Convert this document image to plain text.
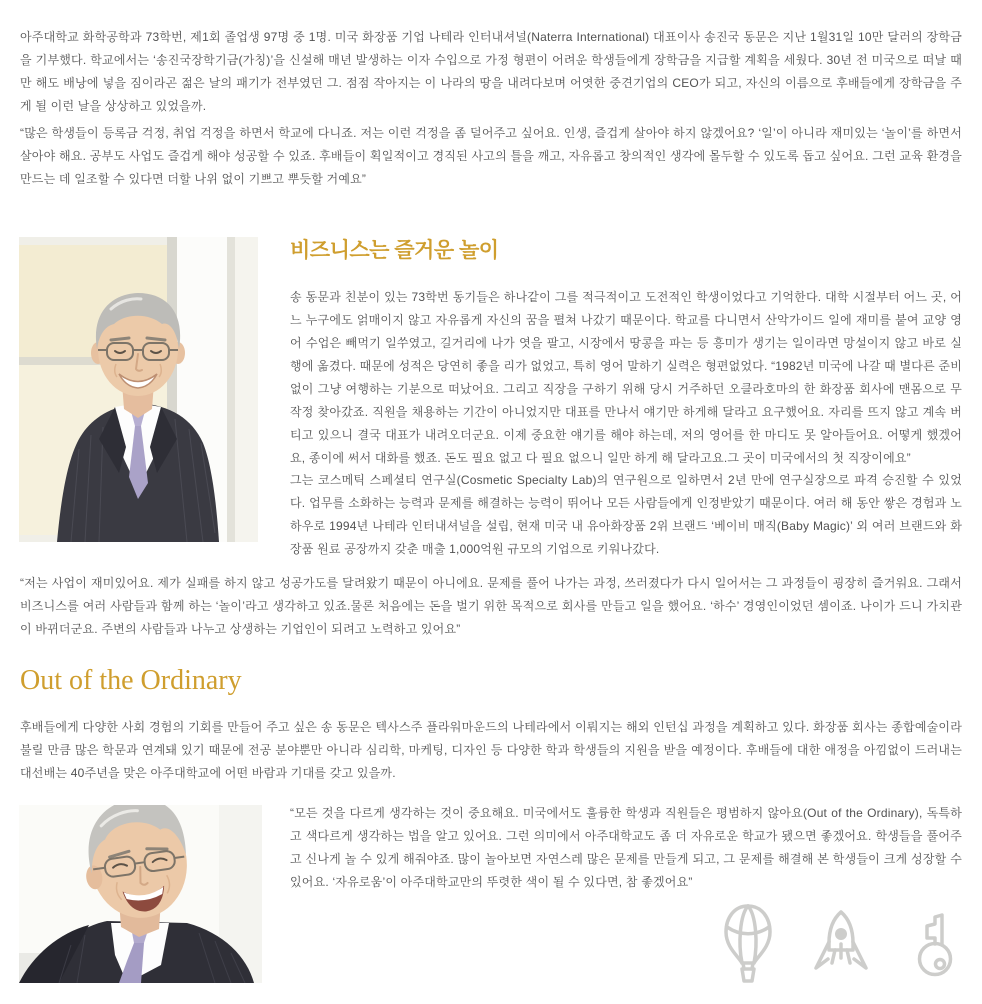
아주대학교 화학공학과 73학번, 제1회 졸업생 97명 중 1명. 미국 화장품 기업 나테라 인터내셔널(Naterra International) 대표이사 송진국 동문은 지난 1월31일 10만 달러의 장학금을 기부했다. 학교에서는 ‘송진국장학기금(가칭)’을 신설해 매년 발생하는 이자 수입으로 가정 형편이 어려운 학생들에게 장학금을 지급할 계획을 세웠다. 30년 전 미국으로 떠날 때만 해도 배낭에 넣을 짐이라곤 젊은 날의 패기가 전부였던 그. 점점 작아지는 이 나라의 땅을 내려다보며 어엿한 중견기업의 CEO가 되고, 자신의 이름으로 후배들에게 장학금을 주게 될 이런 날을 상상하고 있었을까.

“많은 학생들이 등록금 걱정, 취업 걱정을 하면서 학교에 다니죠. 저는 이런 걱정을 좀 덜어주고 싶어요. 인생, 즐겁게 살아야 하지 않겠어요? ‘일’이 아니라 재미있는 ‘놀이’를 하면서 살아야 해요. 공부도 사업도 즐겁게 해야 성공할 수 있죠. 후배들이 획일적이고 경직된 사고의 틀을 깨고, 자유롭고 창의적인 생각에 몰두할 수 있도록 돕고 싶어요. 그런 교육 환경을 만드는 데 일조할 수 있다면 더할 나위 없이 기쁘고 뿌듯할 거예요”

비즈니스는 즐거운 놀이

송 동문과 친분이 있는 73학번 동기들은 하나같이 그를 적극적이고 도전적인 학생이었다고 기억한다. 대학 시절부터 어느 곳, 어느 누구에도 얽매이지 않고 자유롭게 자신의 꿈을 펼쳐 나갔기 때문이다. 학교를 다니면서 산악가이드 일에 재미를 붙여 교양 영어 수업은 빼먹기 일쑤였고, 길거리에 나가 엿을 팔고, 시장에서 땅콩을 파는 등 흥미가 생기는 일이라면 망설이지 않고 바로 실행에 옮겼다. 때문에 성적은 당연히 좋을 리가 없었고, 특히 영어 말하기 실력은 형편없었다. “1982년 미국에 나갈 때 별다른 준비 없이 그냥 여행하는 기분으로 떠났어요. 그리고 직장을 구하기 위해 당시 거주하던 오클라호마의 한 화장품 회사에 맨몸으로 무작정 찾아갔죠. 직원을 채용하는 기간이 아니었지만 대표를 만나서 얘기만 하게해 달라고 요구했어요. 자리를 뜨지 않고 계속 버티고 있으니 결국 대표가 내려오더군요. 이제 중요한 얘기를 해야 하는데, 저의 영어를 한 마디도 못 알아들어요. 어떻게 했겠어요, 종이에 써서 대화를 했죠. 돈도 필요 없고 다 필요 없으니 일만 하게 해 달라고요.그 곳이 미국에서의 첫 직장이에요”

그는 코스메틱 스페셜티 연구실(Cosmetic Specialty Lab)의 연구원으로 일하면서 2년 만에 연구실장으로 파격 승진할 수 있었다. 업무를 소화하는 능력과 문제를 해결하는 능력이 뛰어나 모든 사람들에게 인정받았기 때문이다. 여러 해 동안 쌓은 경험과 노하우로 1994년 나테라 인터내셔널을 설립, 현재 미국 내 유아화장품 2위 브랜드 ‘베이비 매직(Baby Magic)’ 외 여러 브랜드와 화장품 원료 공장까지 갖춘 매출 1,000억원 규모의 기업으로 키워나갔다.

“저는 사업이 재미있어요. 제가 실패를 하지 않고 성공가도를 달려왔기 때문이 아니에요. 문제를 풀어 나가는 과정, 쓰러졌다가 다시 일어서는 그 과정들이 굉장히 즐거워요. 그래서 비즈니스를 여러 사람들과 함께 하는 ‘놀이’라고 생각하고 있죠.물론 처음에는 돈을 벌기 위한 목적으로 회사를 만들고 일을 했어요. ‘하수’ 경영인이었던 셈이죠. 나이가 드니 가치관이 바뀌더군요. 주변의 사람들과 나누고 상생하는 기업인이 되려고 노력하고 있어요”

Out of the Ordinary

후배들에게 다양한 사회 경험의 기회를 만들어 주고 싶은 송 동문은 텍사스주 플라워마운드의 나테라에서 이뤄지는 해외 인턴십 과정을 계획하고 있다. 화장품 회사는 종합예술이라 불릴 만큼 많은 학문과 연계돼 있기 때문에 전공 분야뿐만 아니라 심리학, 마케팅, 디자인 등 다양한 학과 학생들의 지원을 받을 예정이다. 후배들에 대한 애정을 아낌없이 드러내는 대선배는 40주년을 맞은 아주대학교에 어떤 바람과 기대를 갖고 있을까.

“모든 것을 다르게 생각하는 것이 중요해요. 미국에서도 훌륭한 학생과 직원들은 평범하지 않아요(Out of the Ordinary), 독특하고 색다르게 생각하는 법을 알고 있어요. 그런 의미에서 아주대학교도 좀 더 자유로운 학교가 됐으면 좋겠어요. 학생들을 풀어주고 신나게 놀 수 있게 해줘야죠. 많이 놀아보면 자연스레 많은 문제를 만들게 되고, 그 문제를 해결해 본 학생들이 크게 성장할 수 있어요. ‘자유로움’이 아주대학교만의 뚜렷한 색이 될 수 있다면, 참 좋겠어요”
